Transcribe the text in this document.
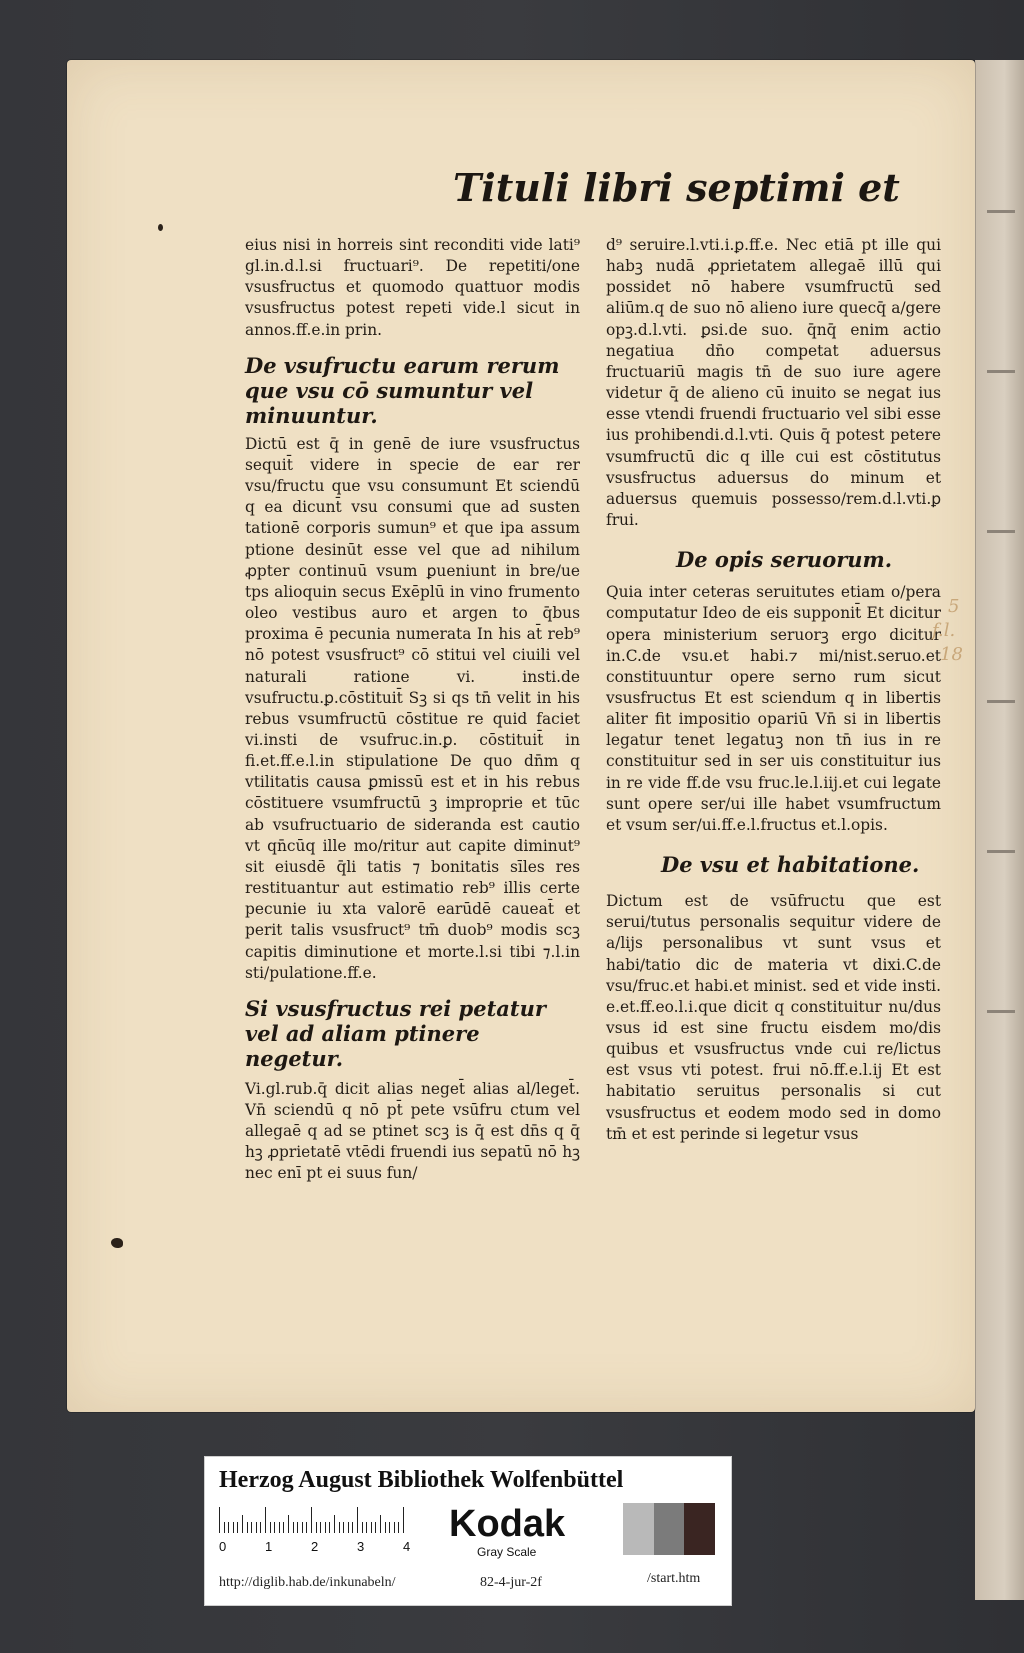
Tituli libri septimi et

eius nisi in horreis sint reconditi vide lati⁹ gl.in.d.l.si fructuari⁹. De repetiti/one vsusfructus et quomodo quattuor modis vsusfructus potest repeti vide.l sicut in annos.ff.e.in prin.

De vsufructu earum rerum que vsu cō sumuntur vel minuuntur.

Dictū est q̄ in genē de iure vsusfructus sequit̄ videre in specie de ear rer vsu/fructu que vsu consumunt Et sciendū q ea dicunt̄ vsu consumi que ad susten tationē corporis sumun⁹ et que ipa assum ptione desinūt esse vel que ad nihilum ꝓpter continuū vsum ꝑueniunt in bre/ue tps alioquin secus Exēplū in vino frumento oleo vestibus auro et argen to q̄bus proxima ē pecunia numerata In his at̄ reb⁹ nō potest vsusfruct⁹ cō stitui vel ciuili vel naturali ratione vi. insti.de vsufructu.ꝑ.cōstituit̄ Sꝫ si qs tn̄ velit in his rebus vsumfructū cōstitue re quid faciet vi.insti de vsufruc.in.ꝑ. cōstituit̄ in fi.et.ff.e.l.in stipulatione De quo dn̄m q vtilitatis causa ꝑmissū est et in his rebus cōstituere vsumfructū ꝫ improprie et tūc ab vsufructuario de sideranda est cautio vt qn̄cūq ille mo/ritur aut capite diminut⁹ sit eiusdē q̄li tatis ⁊ bonitatis sīles res restituantur aut estimatio reb⁹ illis certe pecunie iu xta valorē earūdē caueat̄ et perit talis vsusfruct⁹ tm̄ duob⁹ modis scꝫ capitis diminutione et morte.l.si tibi ⁊.l.in sti/pulatione.ff.e.

Si vsusfructus rei petatur vel ad aliam ptinere negetur.

Vi.gl.rub.q̄ dicit alias neget̄ alias al/leget̄. Vn̄ sciendū q nō pt̄ pete vsūfru ctum vel allegaē q ad se ptinet scꝫ is q̄ est dn̄s q q̄ hꝫ ꝓprietatē vtēdi fruendi ius sepatū nō hꝫ nec enī pt ei suus fun/

d⁹ seruire.l.vti.i.ꝑ.ff.e. Nec etiā pt ille qui habꝫ nudā ꝓprietatem allegaē illū qui possidet nō habere vsumfructū sed aliūm.q de suo nō alieno iure quecq̄ a/gere opꝫ.d.l.vti. ꝑsi.de suo. q̄nq̄ enim actio negatiua dn̄o competat aduersus fructuariū magis tn̄ de suo iure agere videtur q̄ de alieno cū inuito se negat ius esse vtendi fruendi fructuario vel sibi esse ius prohibendi.d.l.vti. Quis q̄ potest petere vsumfructū dic q ille cui est cōstitutus vsusfructus aduersus do minum et aduersus quemuis possesso/rem.d.l.vti.ꝑ frui.

De opis seruorum.

Quia inter ceteras seruitutes etiam o/pera computatur Ideo de eis supponit̄ Et dicitur opera ministerium seruorꝫ ergo dicitur in.C.de vsu.et habi.⁊ mi/nist.seruo.et constituuntur opere serno rum sicut vsusfructus Et est sciendum q in libertis aliter fit impositio opariū Vn̄ si in libertis legatur tenet legatuꝫ non tn̄ ius in re constituitur sed in ser uis constituitur ius in re vide ff.de vsu fruc.le.l.iij.et cui legate sunt opere ser/ui ille habet vsumfructum et vsum ser/ui.ff.e.l.fructus et.l.opis.

De vsu et habitatione.

Dictum est de vsūfructu que est serui/tutus personalis sequitur videre de a/lijs personalibus vt sunt vsus et habi/tatio dic de materia vt dixi.C.de vsu/fruc.et habi.et minist. sed et vide insti. e.et.ff.eo.l.i.que dicit q constituitur nu/dus vsus id est sine fructu eisdem mo/dis quibus et vsusfructus vnde cui re/lictus est vsus vti potest. frui nō.ff.e.l.ij Et est habitatio seruitus personalis si cut vsusfructus et eodem modo sed in domo tm̄ et est perinde si legetur vsus

5
f.l.
18
Herzog August Bibliothek Wolfenbüttel
0	1	2	3	4
Kodak
Gray Scale
http://diglib.hab.de/inkunabeln/	82-4-jur-2f	/start.htm
